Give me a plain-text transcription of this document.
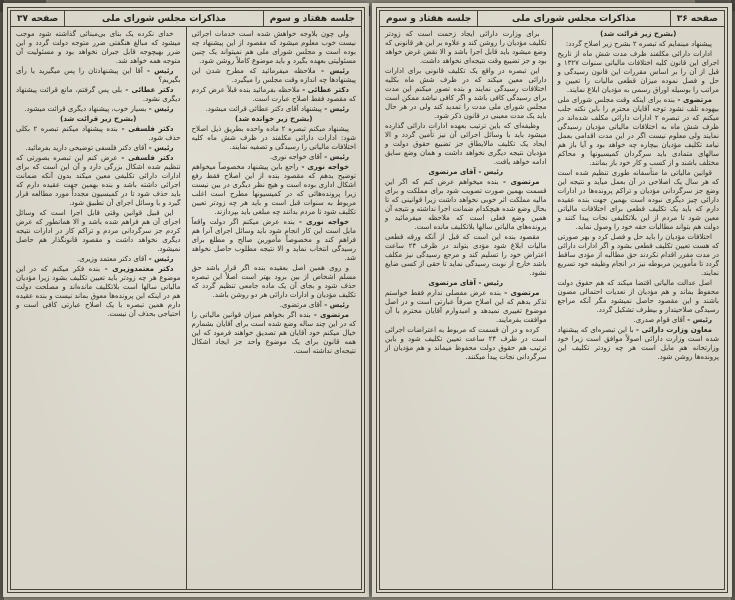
جلسه هفتاد و سوم
مذاکرات مجلس شورای ملی
صفحه ۳۷

ولی چون بلاوجه خواهش شده است خدمات اجرائی نیست خوب معلوم میشود که مقصود از این پیشنهاد چه بوده است و مجلس شورای ملی هم نمیتواند یک چنین مسئولیتی بعهده بگیرد و باید موضوع کاملاً روشن شود.

رئیس - ملاحظه میفرمائید که مطرح شدن این پیشنهادها چه اندازه وقت مجلس را میگیرد.

دکتر عطائی - ملاحظه بفرمائید بنده قبلاً عرض کردم که مقصود فقط اصلاح عبارت است.

رئیس - پیشنهاد آقای دکتر عطائی قرائت میشود.

(بشرح زیر خوانده شد)

پیشنهاد میکنم تبصره ۲ ماده واحده بطریق ذیل اصلاح شود: ادارات دارائی مکلفند در ظرف شش ماه کلیه اختلافات مالیاتی را رسیدگی و تصفیه نمایند.

رئیس - آقای خواجه نوری.

خواجه نوری - راجع باین پیشنهاد مخصوصاً میخواهم توضیح بدهم که مقصود بنده از این اصلاح فقط رفع اشکال اداری بوده است و هیچ نظر دیگری در بین نیست زیرا پرونده‌هائی که در کمیسیونها مطرح است اغلب مربوط به سنوات قبل است و باید هر چه زودتر تعیین تکلیف شود تا مردم بدانند چه مبلغی باید بپردازند.

خواجه نوری - بنده عرض میکنم اگر دولت واقعاً مایل است این کار انجام شود باید وسائل اجرای آنرا هم فراهم کند و مخصوصاً مأمورین صالح و مطلع برای رسیدگی انتخاب نماید و الا نتیجه مطلوب حاصل نخواهد شد.

و روی همین اصل بعقیده بنده اگر قرار باشد حق مسلم اشخاص از بین برود بهتر است اصلاً این تبصره حذف شود و بجای آن یک ماده جامعی تنظیم گردد که تکلیف مؤدیان و ادارات دارائی هر دو روشن باشد.

رئیس - آقای مرتضوی.

مرتضوی - بنده اگر بخواهم میزان قوانین مالیاتی را که در این چند ساله وضع شده است برای آقایان بشمارم خیال میکنم خود آقایان هم تصدیق خواهند فرمود که این همه قانون برای یک موضوع واحد جز ایجاد اشکال نتیجه‌ای نداشته است.

خدای نکرده یک بنای بی‌مبنائی گذاشته شود موجب میشود که مبالغ هنگفتی ضرر متوجه دولت گردد و این ضرر بهیچوجه قابل جبران نخواهد بود و مسئولیت آن متوجه همه خواهد شد.

رئیس - آقا این پیشنهادتان را پس میگیرید یا رأی بگیریم؟

دکتر عطائی - بلی پس گرفتم، مانع قرائت پیشنهاد دیگری نشود.

رئیس - بسیار خوب، پیشنهاد دیگری قرائت میشود.

(بشرح زیر قرائت شد)

دکتر فلسفی - بنده پیشنهاد میکنم تبصره ۲ بکلی حذف شود.

رئیس - آقای دکتر فلسفی توضیحی دارید بفرمائید.

دکتر فلسفی - عرض کنم این تبصره بصورتی که تنظیم شده اشکال بزرگی دارد و آن این است که برای ادارات دارائی تکلیفی معین میکند بدون آنکه ضمانت اجرائی داشته باشد و بنده بهمین جهت عقیده دارم که باید حذف شود تا در کمیسیون مجدداً مورد مطالعه قرار گیرد و با وسائل اجرای آن تطبیق شود.

این قبیل قوانین وقتی قابل اجرا است که وسائل اجرای آن هم فراهم شده باشد و الا همانطور که عرض کردم جز سرگردانی مردم و تراکم کار در ادارات نتیجه دیگری نخواهد داشت و مقصود قانونگذار هم حاصل نمیشود.

رئیس - آقای دکتر معتمد وزیری.

دکتر معتمدوزیری - بنده فکر میکنم که در این موضوع هر چه زودتر باید تعیین تکلیف بشود زیرا مؤدیان مالیاتی سالها است بلاتکلیف مانده‌اند و مصلحت دولت هم در اینکه این پرونده‌ها معوق بماند نیست و بنده عقیده دارم همین تبصره با یک اصلاح عبارتی کافی است و احتیاجی بحذف آن نیست.

صفحه ۳۶
مذاکرات مجلس شورای ملی
جلسه هفتاد و سوم

(بشرح زیر قرائت شد)

پیشنهاد مینمایم که تبصره ۲ بشرح زیر اصلاح گردد:

ادارات دارائی مکلفند ظرف مدت شش ماه از تاریخ اجرای این قانون کلیه اختلافات مالیاتی سنوات ۱۳۲۷ و قبل از آن را بر اساس مقررات این قانون رسیدگی و حل و فصل نموده میزان قطعی مالیات را تعیین و مراتب را بوسیله اوراق رسمی به مؤدیان ابلاغ نمایند.

مرتضوی - بنده برای اینکه وقت مجلس شورای ملی بیهوده تلف نشود توجه آقایان محترم را باین نکته جلب میکنم که در تبصره ۲ ادارات دارائی مکلف شده‌اند در ظرف شش ماه به اختلافات مالیاتی مؤدیان رسیدگی نمایند ولی معلوم نیست اگر در این مدت اقدامی بعمل نیامد تکلیف مؤدیان بیچاره چه خواهد بود و آیا باز هم سالهای متمادی باید سرگردان کمیسیونها و محاکم مختلف باشند و از کسب و کار خود باز بمانند.

قوانین مالیاتی ما متأسفانه طوری تنظیم شده است که هر سال یک اصلاحی در آن بعمل میآید و نتیجه این وضع جز سرگردانی مؤدیان و تراکم پرونده‌ها در ادارات دارائی چیز دیگری نبوده است بهمین جهت بنده عقیده دارم که باید یک تکلیف قطعی برای اختلافات مالیاتی معین شود تا مردم از این بلاتکلیفی نجات پیدا کنند و دولت هم بتواند مطالبات حقه خود را وصول نماید.

اختلافات مؤدیان را باید حل و فصل کرد و بهر صورتی که هست تعیین تکلیف قطعی بشود و اگر ادارات دارائی در مدت مقرر اقدام نکردند حق مطالبه از مؤدی ساقط گردد تا مأمورین مربوطه نیز در انجام وظیفه خود تسریع نمایند.

اصل عدالت مالیاتی اقتضا میکند که هم حقوق دولت محفوظ بماند و هم مؤدیان از تعدیات احتمالی مصون باشند و این مقصود حاصل نمیشود مگر آنکه مراجع رسیدگی صلاحیتدار و بیطرف تشکیل گردد.

رئیس - آقای قوام صدری.

معاون وزارت دارائی - با این تبصره‌ای که پیشنهاد شده است وزارت دارائی اصولاً موافق است زیرا خود وزارتخانه هم مایل است هر چه زودتر تکلیف این پرونده‌ها روشن شود.

برای وزارت دارائی ایجاد زحمت است که زودتر تکلیف مؤدیان را روشن کند و علاوه بر این هر قانونی که وضع میشود باید قابل اجرا باشد و الا نقض غرض خواهد بود و جز تضییع وقت نتیجه‌ای نخواهد داشت.

این تبصره در واقع یک تکلیف قانونی برای ادارات دارائی معین میکند که در ظرف شش ماه بکلیه اختلافات رسیدگی نمایند و بنده تصور میکنم این مدت برای رسیدگی کافی باشد و اگر کافی نباشد ممکن است مجلس شورای ملی مدت را تمدید کند ولی در هر حال باید یک مدت معینی در قانون ذکر شود.

وظیفه‌ای که باین ترتیب بعهده ادارات دارائی گذارده میشود باید با وسائل اجرائی آن نیز تأمین گردد و الا ایجاد یک تکلیف مالایطاق جز تضییع حقوق دولت و مؤدیان نتیجه دیگری نخواهد داشت و همان وضع سابق ادامه خواهد یافت.

رئیس - آقای مرتضوی

مرتضوی - بنده میخواهم عرض کنم که اگر این قسمت بهمین صورت تصویب شود برای مملکت و برای مالیه مملکت اثر خوبی نخواهد داشت زیرا قوانینی که تا بحال وضع شده هیچکدام ضمانت اجرا نداشته و نتیجه آن همین وضع فعلی است که ملاحظه میفرمائید و پرونده‌های مالیاتی سالها بلاتکلیف مانده است.

مقصود بنده این است که قبل از آنکه ورقه قطعی مالیات ابلاغ شود مؤدی بتواند در ظرف ۲۴ ساعت اعتراض خود را تسلیم کند و مرجع رسیدگی نیز مکلف باشد خارج از نوبت رسیدگی نماید تا حقی از کسی ضایع نشود.

رئیس - آقای مرتضوی

مرتضوی - بنده عرض مفصلی ندارم فقط خواستم تذکر بدهم که این اصلاح صرفاً عبارتی است و در اصل موضوع تغییری نمیدهد و امیدوارم آقایان محترم با آن موافقت بفرمایند.

کرده و در آن قسمت که مربوط به اعتراضات اجرائی است در ظرف ۲۴ ساعت تعیین تکلیف شود و باین ترتیب هم حقوق دولت محفوظ میماند و هم مؤدیان از سرگردانی نجات پیدا میکنند.
